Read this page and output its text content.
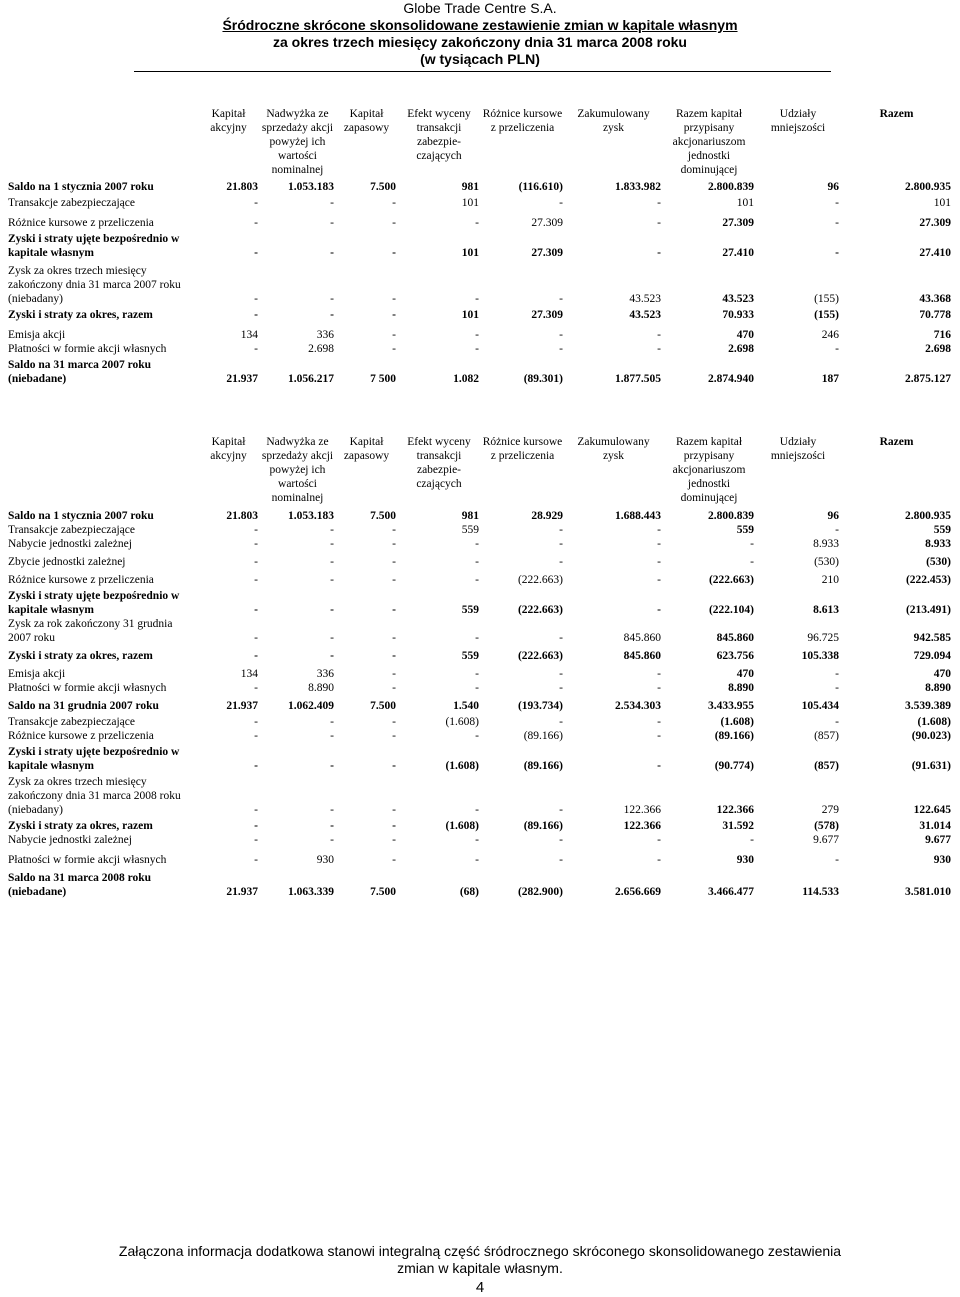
Globe Trade Centre S.A.
Śródroczne skrócone skonsolidowane zestawienie zmian w kapitale własnym
za okres trzech miesięcy zakończony dnia 31 marca 2008 roku
(w tysiącach PLN)
	Kapitał akcyjny	Nadwyżka ze sprzedaży akcji powyżej ich wartości nominalnej	Kapitał zapasowy	Efekt wyceny transakcji zabezpie-czających	Różnice kursowe z przeliczenia	Zakumulowany zysk	Razem kapitał przypisany akcjonariuszom jednostki dominującej	Udziały mniejszości	Razem
Saldo na 1 stycznia 2007 roku	21.803	1.053.183	7.500	981	(116.610)	1.833.982	2.800.839	96	2.800.935
Transakcje zabezpieczające	-	-	-	101	-	-	101	-	101
Różnice kursowe z przeliczenia	-	-	-	-	27.309	-	27.309	-	27.309
Zyski i straty ujęte bezpośrednio w kapitale własnym	-	-	-	101	27.309	-	27.410	-	27.410
Zysk za okres trzech miesięcy zakończony dnia 31 marca 2007 roku (niebadany)	-	-	-	-	-	43.523	43.523	(155)	43.368
Zyski i straty za okres, razem	-	-	-	101	27.309	43.523	70.933	(155)	70.778
Emisja akcji	134	336	-	-	-	-	470	246	716
Płatności w formie akcji własnych	-	2.698	-	-	-	-	2.698	-	2.698
Saldo na 31 marca 2007 roku (niebadane)	21.937	1.056.217	7 500	1.082	(89.301)	1.877.505	2.874.940	187	2.875.127
	Kapitał akcyjny	Nadwyżka ze sprzedaży akcji powyżej ich wartości nominalnej	Kapitał zapasowy	Efekt wyceny transakcji zabezpie-czających	Różnice kursowe z przeliczenia	Zakumulowany zysk	Razem kapitał przypisany akcjonariuszom jednostki dominującej	Udziały mniejszości	Razem
Saldo na 1 stycznia 2007 roku	21.803	1.053.183	7.500	981	28.929	1.688.443	2.800.839	96	2.800.935
Transakcje zabezpieczające	-	-	-	559	-	-	559	-	559
Nabycie jednostki zależnej	-	-	-	-	-	-	-	8.933	8.933
Zbycie jednostki zależnej	-	-	-	-	-	-	-	(530)	(530)
Różnice kursowe z przeliczenia	-	-	-	-	(222.663)	-	(222.663)	210	(222.453)
Zyski i straty ujęte bezpośrednio w kapitale własnym	-	-	-	559	(222.663)	-	(222.104)	8.613	(213.491)
Zysk za rok zakończony 31 grudnia 2007 roku	-	-	-	-	-	845.860	845.860	96.725	942.585
Zyski i straty za okres, razem	-	-	-	559	(222.663)	845.860	623.756	105.338	729.094
Emisja akcji	134	336	-	-	-	-	470	-	470
Płatności w formie akcji własnych	-	8.890	-	-	-	-	8.890	-	8.890
Saldo na 31 grudnia 2007 roku	21.937	1.062.409	7.500	1.540	(193.734)	2.534.303	3.433.955	105.434	3.539.389
Transakcje zabezpieczające	-	-	-	(1.608)	-	-	(1.608)	-	(1.608)
Różnice kursowe z przeliczenia	-	-	-	-	(89.166)	-	(89.166)	(857)	(90.023)
Zyski i straty ujęte bezpośrednio w kapitale własnym	-	-	-	(1.608)	(89.166)	-	(90.774)	(857)	(91.631)
Zysk za okres trzech miesięcy zakończony dnia 31 marca 2008 roku (niebadany)	-	-	-	-	-	122.366	122.366	279	122.645
Zyski i straty za okres, razem	-	-	-	(1.608)	(89.166)	122.366	31.592	(578)	31.014
Nabycie jednostki zależnej	-	-	-	-	-	-	-	9.677	9.677
Płatności w formie akcji własnych	-	930	-	-	-	-	930	-	930
Saldo na 31 marca 2008 roku (niebadane)	21.937	1.063.339	7.500	(68)	(282.900)	2.656.669	3.466.477	114.533	3.581.010
Załączona informacja dodatkowa stanowi integralną część śródrocznego skróconego skonsolidowanego zestawienia
zmian w kapitale własnym.
4
